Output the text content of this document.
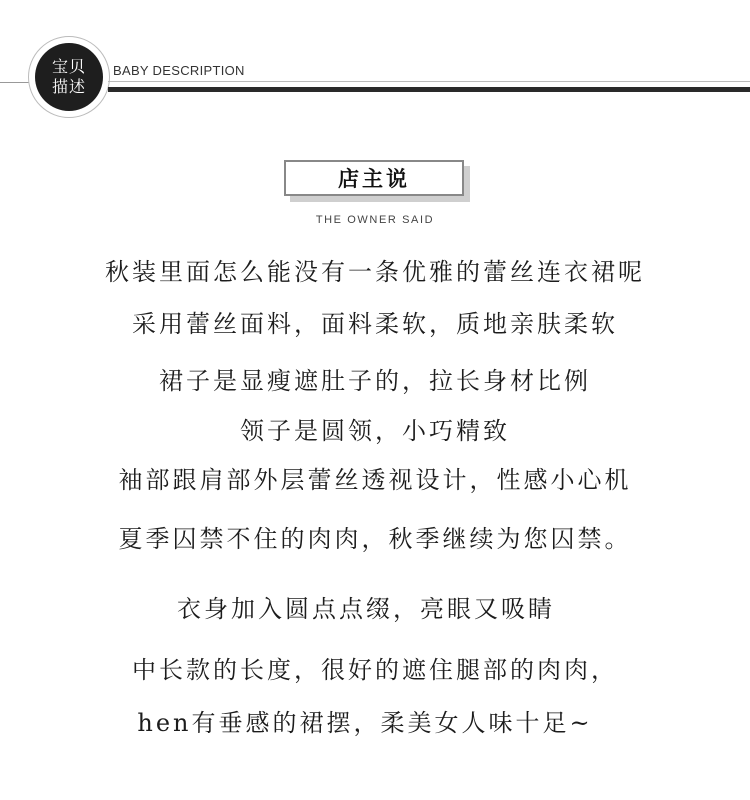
宝贝
描述
BABY DESCRIPTION
店主说
THE OWNER SAID
秋装里面怎么能没有一条优雅的蕾丝连衣裙呢
采用蕾丝面料，面料柔软，质地亲肤柔软
裙子是显瘦遮肚子的，拉长身材比例
领子是圆领，小巧精致
袖部跟肩部外层蕾丝透视设计，性感小心机
夏季囚禁不住的肉肉，秋季继续为您囚禁。
衣身加入圆点点缀，亮眼又吸睛
中长款的长度，很好的遮住腿部的肉肉，
hen有垂感的裙摆，柔美女人味十足~
